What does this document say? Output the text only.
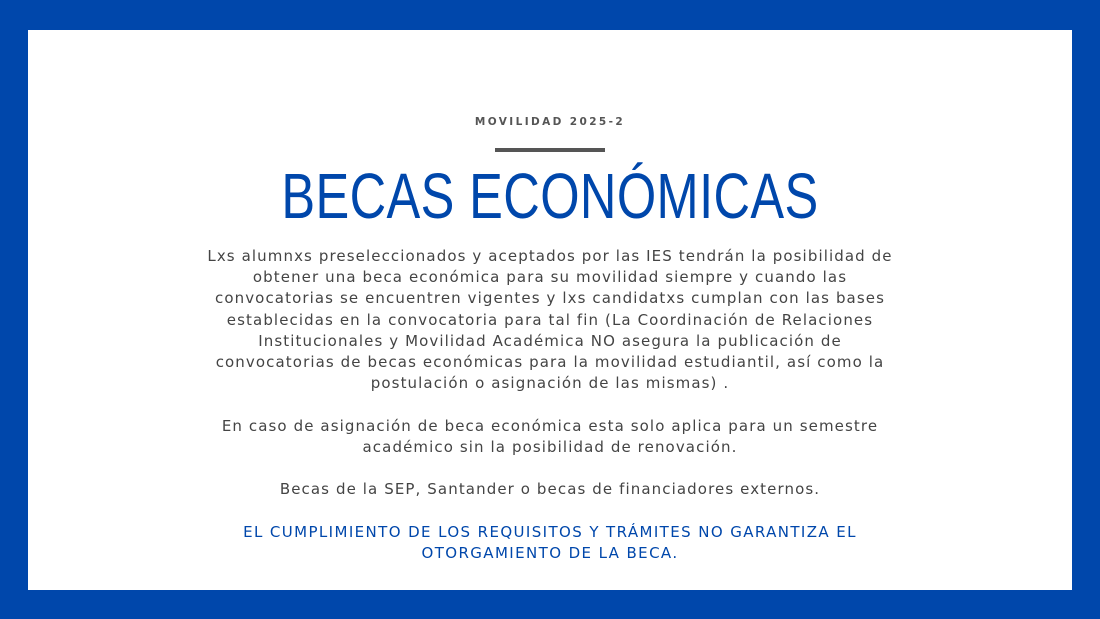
MOVILIDAD 2025-2
BECAS ECONÓMICAS

Lxs alumnxs preseleccionados y aceptados por las IES tendrán la posibilidad de obtener una beca económica para su movilidad siempre y cuando las convocatorias se encuentren vigentes y lxs candidatxs cumplan con las bases establecidas en la convocatoria para tal fin (La Coordinación de Relaciones Institucionales y Movilidad Académica NO asegura la publicación de convocatorias de becas económicas para la movilidad estudiantil, así como la postulación o asignación de las mismas) .

En caso de asignación de beca económica esta solo aplica para un semestre académico sin la posibilidad de renovación.

Becas de la SEP, Santander o becas de financiadores externos.

EL CUMPLIMIENTO DE LOS REQUISITOS Y TRÁMITES NO GARANTIZA EL OTORGAMIENTO DE LA BECA.
